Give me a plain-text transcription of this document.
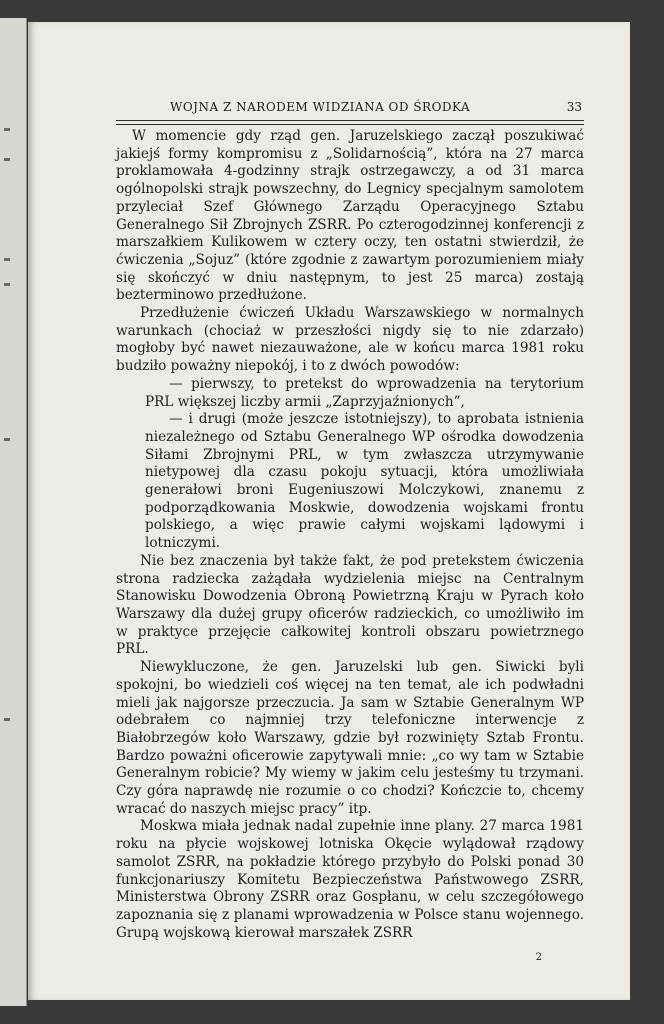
WOJNA Z NARODEM WIDZIANA OD ŚRODKA	33

W momencie gdy rząd gen. Jaruzelskiego zaczął poszukiwać jakiejś formy kompromisu z „Solidarnością”, która na 27 marca proklamowała 4-godzinny strajk ostrzegawczy, a od 31 marca ogólnopolski strajk powszechny, do Legnicy specjalnym samolotem przyleciał Szef Głównego Zarządu Operacyjnego Sztabu Generalnego Sił Zbrojnych ZSRR. Po czterogodzinnej konferencji z marszałkiem Kulikowem w cztery oczy, ten ostatni stwierdził, że ćwiczenia „Sojuz” (które zgodnie z zawartym porozumieniem miały się skończyć w dniu następnym, to jest 25 marca) zostają bezterminowo przedłużone.

Przedłużenie ćwiczeń Układu Warszawskiego w normalnych warunkach (chociaż w przeszłości nigdy się to nie zdarzało) mogłoby być nawet niezauważone, ale w końcu marca 1981 roku budziło poważny niepokój, i to z dwóch powodów:

— pierwszy, to pretekst do wprowadzenia na terytorium PRL większej liczby armii „Zaprzyjaźnionych”,

— i drugi (może jeszcze istotniejszy), to aprobata istnienia niezależnego od Sztabu Generalnego WP ośrodka dowodzenia Siłami Zbrojnymi PRL, w tym zwłaszcza utrzymywanie nietypowej dla czasu pokoju sytuacji, która umożliwiała generałowi broni Eugeniuszowi Molczykowi, znanemu z podporządkowania Moskwie, dowodzenia wojskami frontu polskiego, a więc prawie całymi wojskami lądowymi i lotniczymi.

Nie bez znaczenia był także fakt, że pod pretekstem ćwiczenia strona radziecka zażądała wydzielenia miejsc na Centralnym Stanowisku Dowodzenia Obroną Powietrzną Kraju w Pyrach koło Warszawy dla dużej grupy oficerów radzieckich, co umożliwiło im w praktyce przejęcie całkowitej kontroli obszaru powietrznego PRL.

Niewykluczone, że gen. Jaruzelski lub gen. Siwicki byli spokojni, bo wiedzieli coś więcej na ten temat, ale ich podwładni mieli jak najgorsze przeczucia. Ja sam w Sztabie Generalnym WP odebrałem co najmniej trzy telefoniczne interwencje z Białobrzegów koło Warszawy, gdzie był rozwinięty Sztab Frontu. Bardzo poważni oficerowie zapytywali mnie: „co wy tam w Sztabie Generalnym robicie? My wiemy w jakim celu jesteśmy tu trzymani. Czy góra naprawdę nie rozumie o co chodzi? Kończcie to, chcemy wracać do naszych miejsc pracy” itp.

Moskwa miała jednak nadal zupełnie inne plany. 27 marca 1981 roku na płycie wojskowej lotniska Okęcie wylądował rządowy samolot ZSRR, na pokładzie którego przybyło do Polski ponad 30 funkcjonariuszy Komitetu Bezpieczeństwa Państwowego ZSRR, Ministerstwa Obrony ZSRR oraz Gospłanu, w celu szczegółowego zapoznania się z planami wprowadzenia w Polsce stanu wojennego. Grupą wojskową kierował marszałek ZSRR

2
